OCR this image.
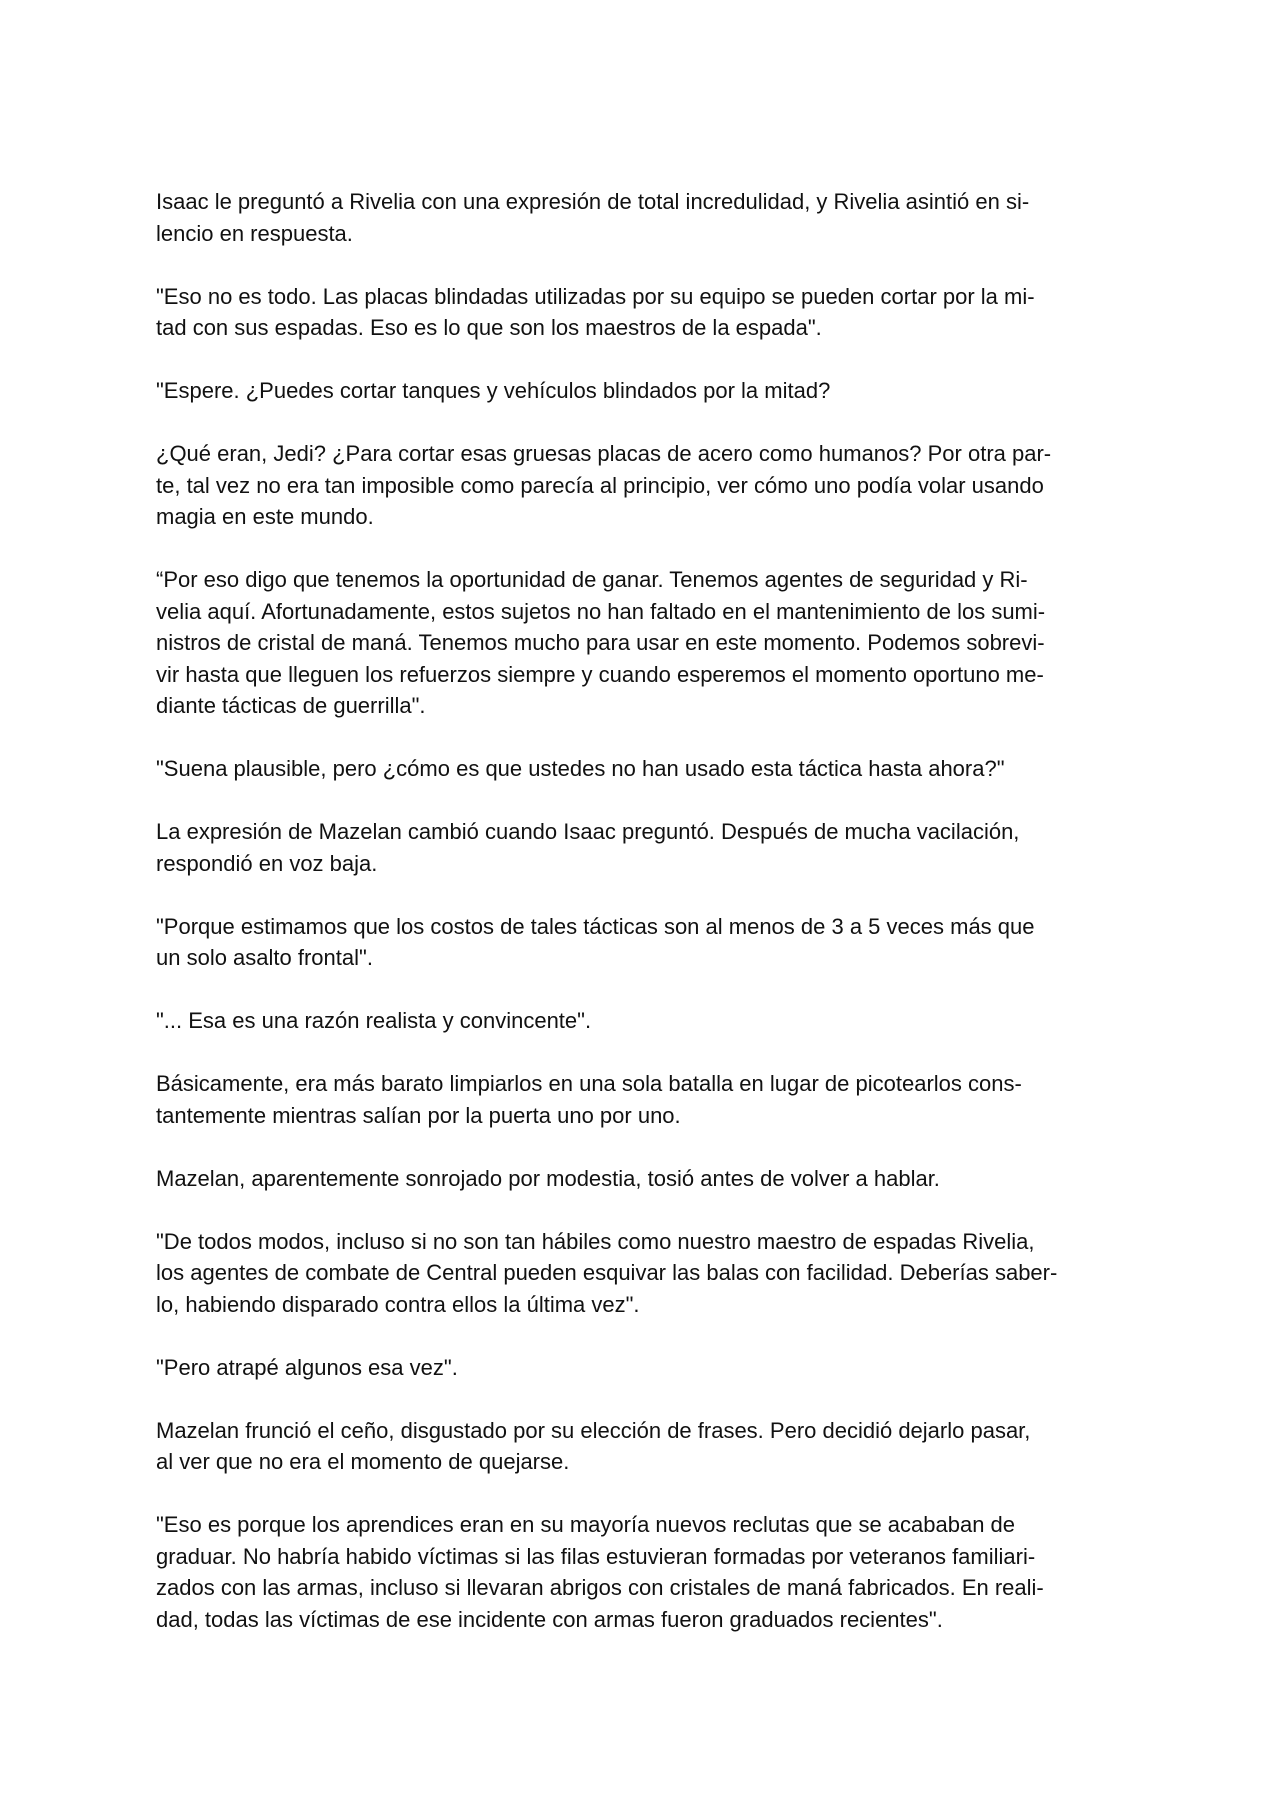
Isaac le preguntó a Rivelia con una expresión de total incredulidad, y Rivelia asintió en si-
lencio en respuesta.

"Eso no es todo. Las placas blindadas utilizadas por su equipo se pueden cortar por la mi-
tad con sus espadas. Eso es lo que son los maestros de la espada".

"Espere. ¿Puedes cortar tanques y vehículos blindados por la mitad?

¿Qué eran, Jedi? ¿Para cortar esas gruesas placas de acero como humanos? Por otra par-
te, tal vez no era tan imposible como parecía al principio, ver cómo uno podía volar usando
magia en este mundo.

“Por eso digo que tenemos la oportunidad de ganar. Tenemos agentes de seguridad y Ri-
velia aquí. Afortunadamente, estos sujetos no han faltado en el mantenimiento de los sumi-
nistros de cristal de maná. Tenemos mucho para usar en este momento. Podemos sobrevi-
vir hasta que lleguen los refuerzos siempre y cuando esperemos el momento oportuno me-
diante tácticas de guerrilla".

"Suena plausible, pero ¿cómo es que ustedes no han usado esta táctica hasta ahora?"

La expresión de Mazelan cambió cuando Isaac preguntó. Después de mucha vacilación,
respondió en voz baja.

"Porque estimamos que los costos de tales tácticas son al menos de 3 a 5 veces más que
un solo asalto frontal".

"... Esa es una razón realista y convincente".

Básicamente, era más barato limpiarlos en una sola batalla en lugar de picotearlos cons-
tantemente mientras salían por la puerta uno por uno.

Mazelan, aparentemente sonrojado por modestia, tosió antes de volver a hablar.

"De todos modos, incluso si no son tan hábiles como nuestro maestro de espadas Rivelia,
los agentes de combate de Central pueden esquivar las balas con facilidad. Deberías saber-
lo, habiendo disparado contra ellos la última vez".

"Pero atrapé algunos esa vez".

Mazelan frunció el ceño, disgustado por su elección de frases. Pero decidió dejarlo pasar,
al ver que no era el momento de quejarse.

"Eso es porque los aprendices eran en su mayoría nuevos reclutas que se acababan de
graduar. No habría habido víctimas si las filas estuvieran formadas por veteranos familiari-
zados con las armas, incluso si llevaran abrigos con cristales de maná fabricados. En reali-
dad, todas las víctimas de ese incidente con armas fueron graduados recientes".
